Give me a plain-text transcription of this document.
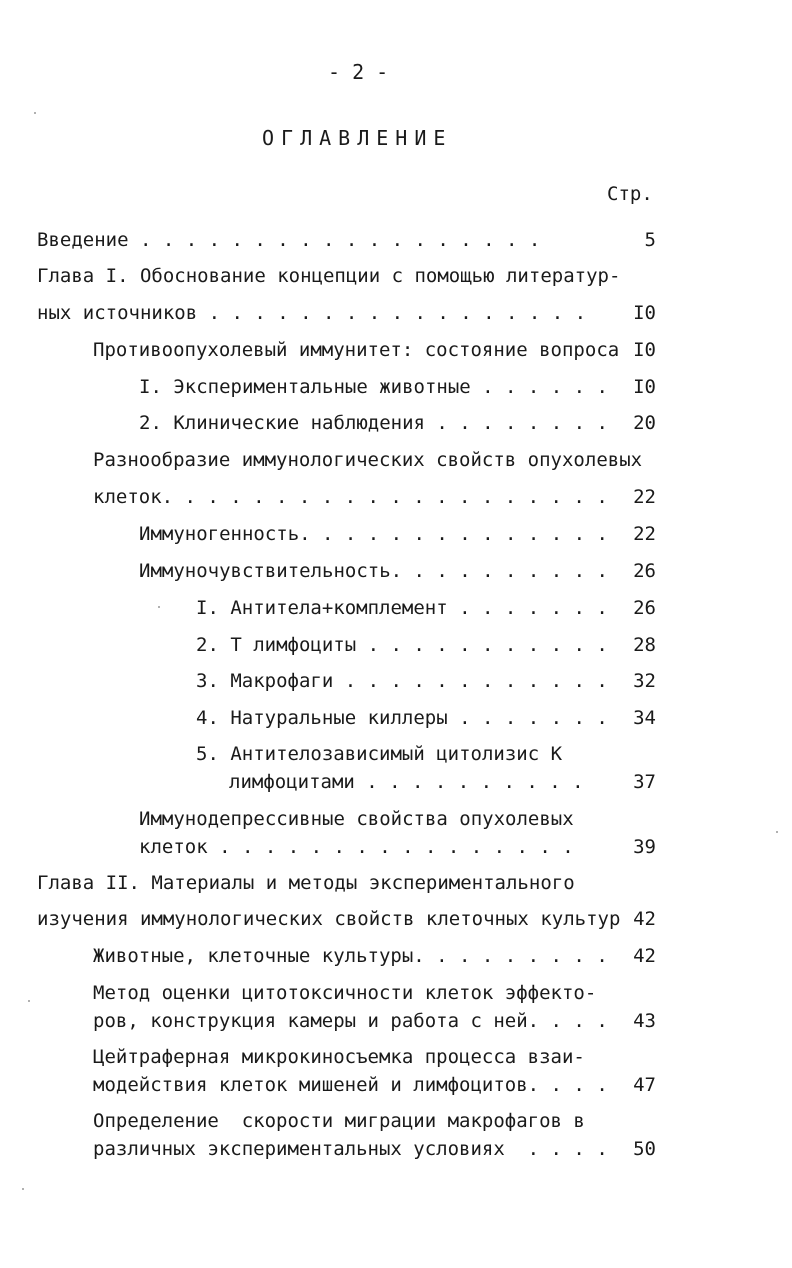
- 2 -
ОГЛАВЛЕНИЕ
Стр.
Введение . . . . . . . . . . . . . . . . . .	5
Глава I. Обоснование концепции с помощью литератур-
ных источников . . . . . . . . . . . . . . . . .	I0
Противоопухолевый иммунитет: состояние вопроса I0
I. Экспериментальные животные . . . . . .	I0
2. Клинические наблюдения . . . . . . . .	20
Разнообразие иммунологических свойств опухолевых
клеток. . . . . . . . . . . . . . . . . . . .	22
Иммуногенность. . . . . . . . . . . . . .	22
Иммуночувствительность. . . . . . . . . .	26
I. Антитела+комплемент . . . . . . .	26
2. Т лимфоциты . . . . . . . . . . .	28
3. Макрофаги . . . . . . . . . . . .	32
4. Натуральные киллеры . . . . . . .	34
5. Антителозависимый цитолизис К
лимфоцитами . . . . . . . . . .	37
Иммунодепрессивные свойства опухолевых
клеток . . . . . . . . . . . . . . . .	39
Глава II. Материалы и методы экспериментального
изучения иммунологических свойств клеточных культур 42
Животные, клеточные культуры. . . . . . . . .	42
Метод оценки цитотоксичности клеток эффекто-
ров, конструкция камеры и работа с ней. . . .	43
Цейтраферная микрокиносъемка процесса взаи-
модействия клеток мишеней и лимфоцитов. . . .	47
Определение  скорости миграции макрофагов в
различных экспериментальных условиях  . . . .	50
